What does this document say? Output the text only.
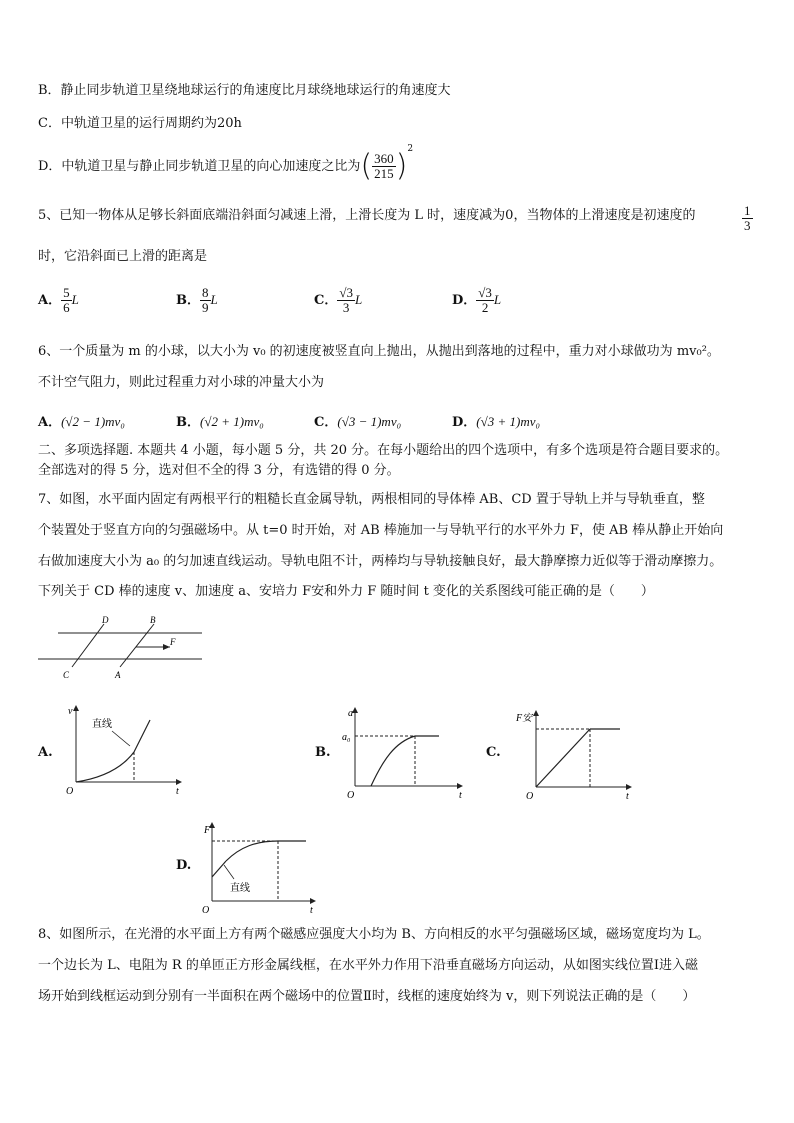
B．静止同步轨道卫星绕地球运行的角速度比月球绕地球运行的角速度大
C．中轨道卫星的运行周期约为20h
D．中轨道卫星与静止同步轨道卫星的向心加速度之比为( $\frac{360}{215} )^2$
5、已知一物体从足够长斜面底端沿斜面匀减速上滑，上滑长度为 L 时，速度减为0，当物体的上滑速度是初速度的	$\frac{1}{3}$
时，它沿斜面已上滑的距离是
A． $\frac{5}{6}$ L	B． $\frac{8}{9}$ L	C． $\frac{√3}{3}$ L	D． $\frac{√3}{2}$ L
6、一个质量为 m 的小球，以大小为 v₀ 的初速度被竖直向上抛出，从抛出到落地的过程中，重力对小球做功为 mv₀²。
不计空气阻力，则此过程重力对小球的冲量大小为
A．(√2 − 1)mv₀	B．(√2 + 1)mv₀	C．(√3 − 1)mv₀	D．(√3 + 1)mv₀
二、多项选择题. 本题共 4 小题，每小题 5 分，共 20 分。在每小题给出的四个选项中，有多个选项是符合题目要求的。
全部选对的得 5 分，选对但不全的得 3 分，有选错的得 0 分。
7、如图，水平面内固定有两根平行的粗糙长直金属导轨，两根相同的导体棒 AB、CD 置于导轨上并与导轨垂直，整
个装置处于竖直方向的匀强磁场中。从 t=0 时开始，对 AB 棒施加一与导轨平行的水平外力 F，使 AB 棒从静止开始向
右做加速度大小为 a₀ 的匀加速直线运动。导轨电阻不计，两棒均与导轨接触良好，最大静摩擦力近似等于滑动摩擦力。
下列关于 CD 棒的速度 v、加速度 a、安培力 F安和外力 F 随时间 t 变化的关系图线可能正确的是（　　）
D	B
C	A
F
A.
直线
v
t
O
B.
a₀
a
t
O
C.
F安
t
O
D.
直线
F
t
O
8、如图所示，在光滑的水平面上方有两个磁感应强度大小均为 B、方向相反的水平匀强磁场区域，磁场宽度均为 L。
一个边长为 L、电阻为 R 的单匝正方形金属线框，在水平外力作用下沿垂直磁场方向运动，从如图实线位置Ⅰ进入磁
场开始到线框运动到分别有一半面积在两个磁场中的位置Ⅱ时，线框的速度始终为 v，则下列说法正确的是（　　）
